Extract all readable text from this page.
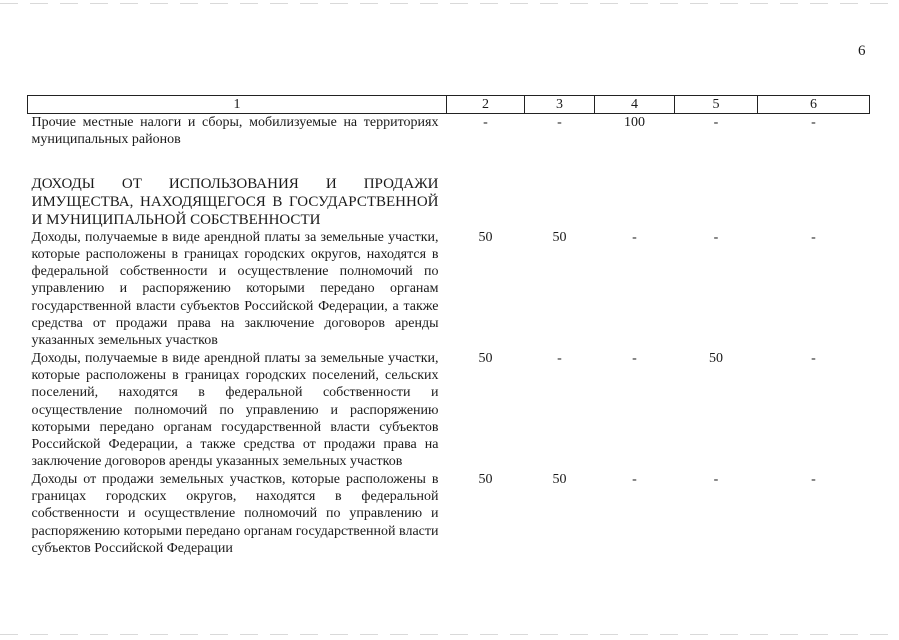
6
1	2	3	4	5	6
Прочие местные налоги и сборы, мобилизуемые на территориях муниципальных районов	-	-	100	-	-
ДОХОДЫ ОТ ИСПОЛЬЗОВАНИЯ И ПРОДАЖИ ИМУЩЕСТВА, НАХОДЯЩЕГОСЯ В ГОСУДАРСТВЕННОЙ И МУНИЦИПАЛЬНОЙ СОБСТВЕННОСТИ					
Доходы, получаемые в виде арендной платы за земельные участки, которые расположены в границах городских округов, находятся в федеральной собственности и осуществление полномочий по управлению и распоряжению которыми передано органам государственной власти субъектов Российской Федерации, а также средства от продажи права на заключение договоров аренды указанных земельных участков	50	50	-	-	-
Доходы, получаемые в виде арендной платы за земельные участки, которые расположены в границах городских поселений, сельских поселений, находятся в федеральной собственности и осуществление полномочий по управлению и распоряжению которыми передано органам государственной власти субъектов Российской Федерации, а также средства от продажи права на заключение договоров аренды указанных земельных участков	50	-	-	50	-
Доходы от продажи земельных участков, которые расположены в границах городских округов, находятся в федеральной собственности и осуществление полномочий по управлению и распоряжению которыми передано органам государственной власти субъектов Российской Федерации	50	50	-	-	-
